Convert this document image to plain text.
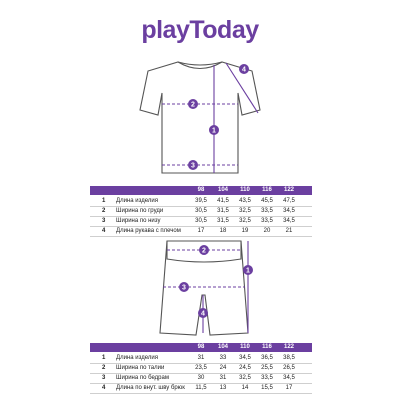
playToday
1
2
3
4
98	104	110	116	122
1 Длина изделия	39,5	41,5	43,5	45,5	47,5
2 Ширина по груди	30,5	31,5	32,5	33,5	34,5
3 Ширина по низу	30,5	31,5	32,5	33,5	34,5
4 Длина рукава с плечом	17	18	19	20	21
1
2
3
4
98	104	110	116	122
1 Длина изделия	31	33	34,5	36,5	38,5
2 Ширина по талии	23,5	24	24,5	25,5	26,5
3 Ширина по бедрам	30	31	32,5	33,5	34,5
4 Длина по внут. шву брюк	11,5	13	14	15,5	17
